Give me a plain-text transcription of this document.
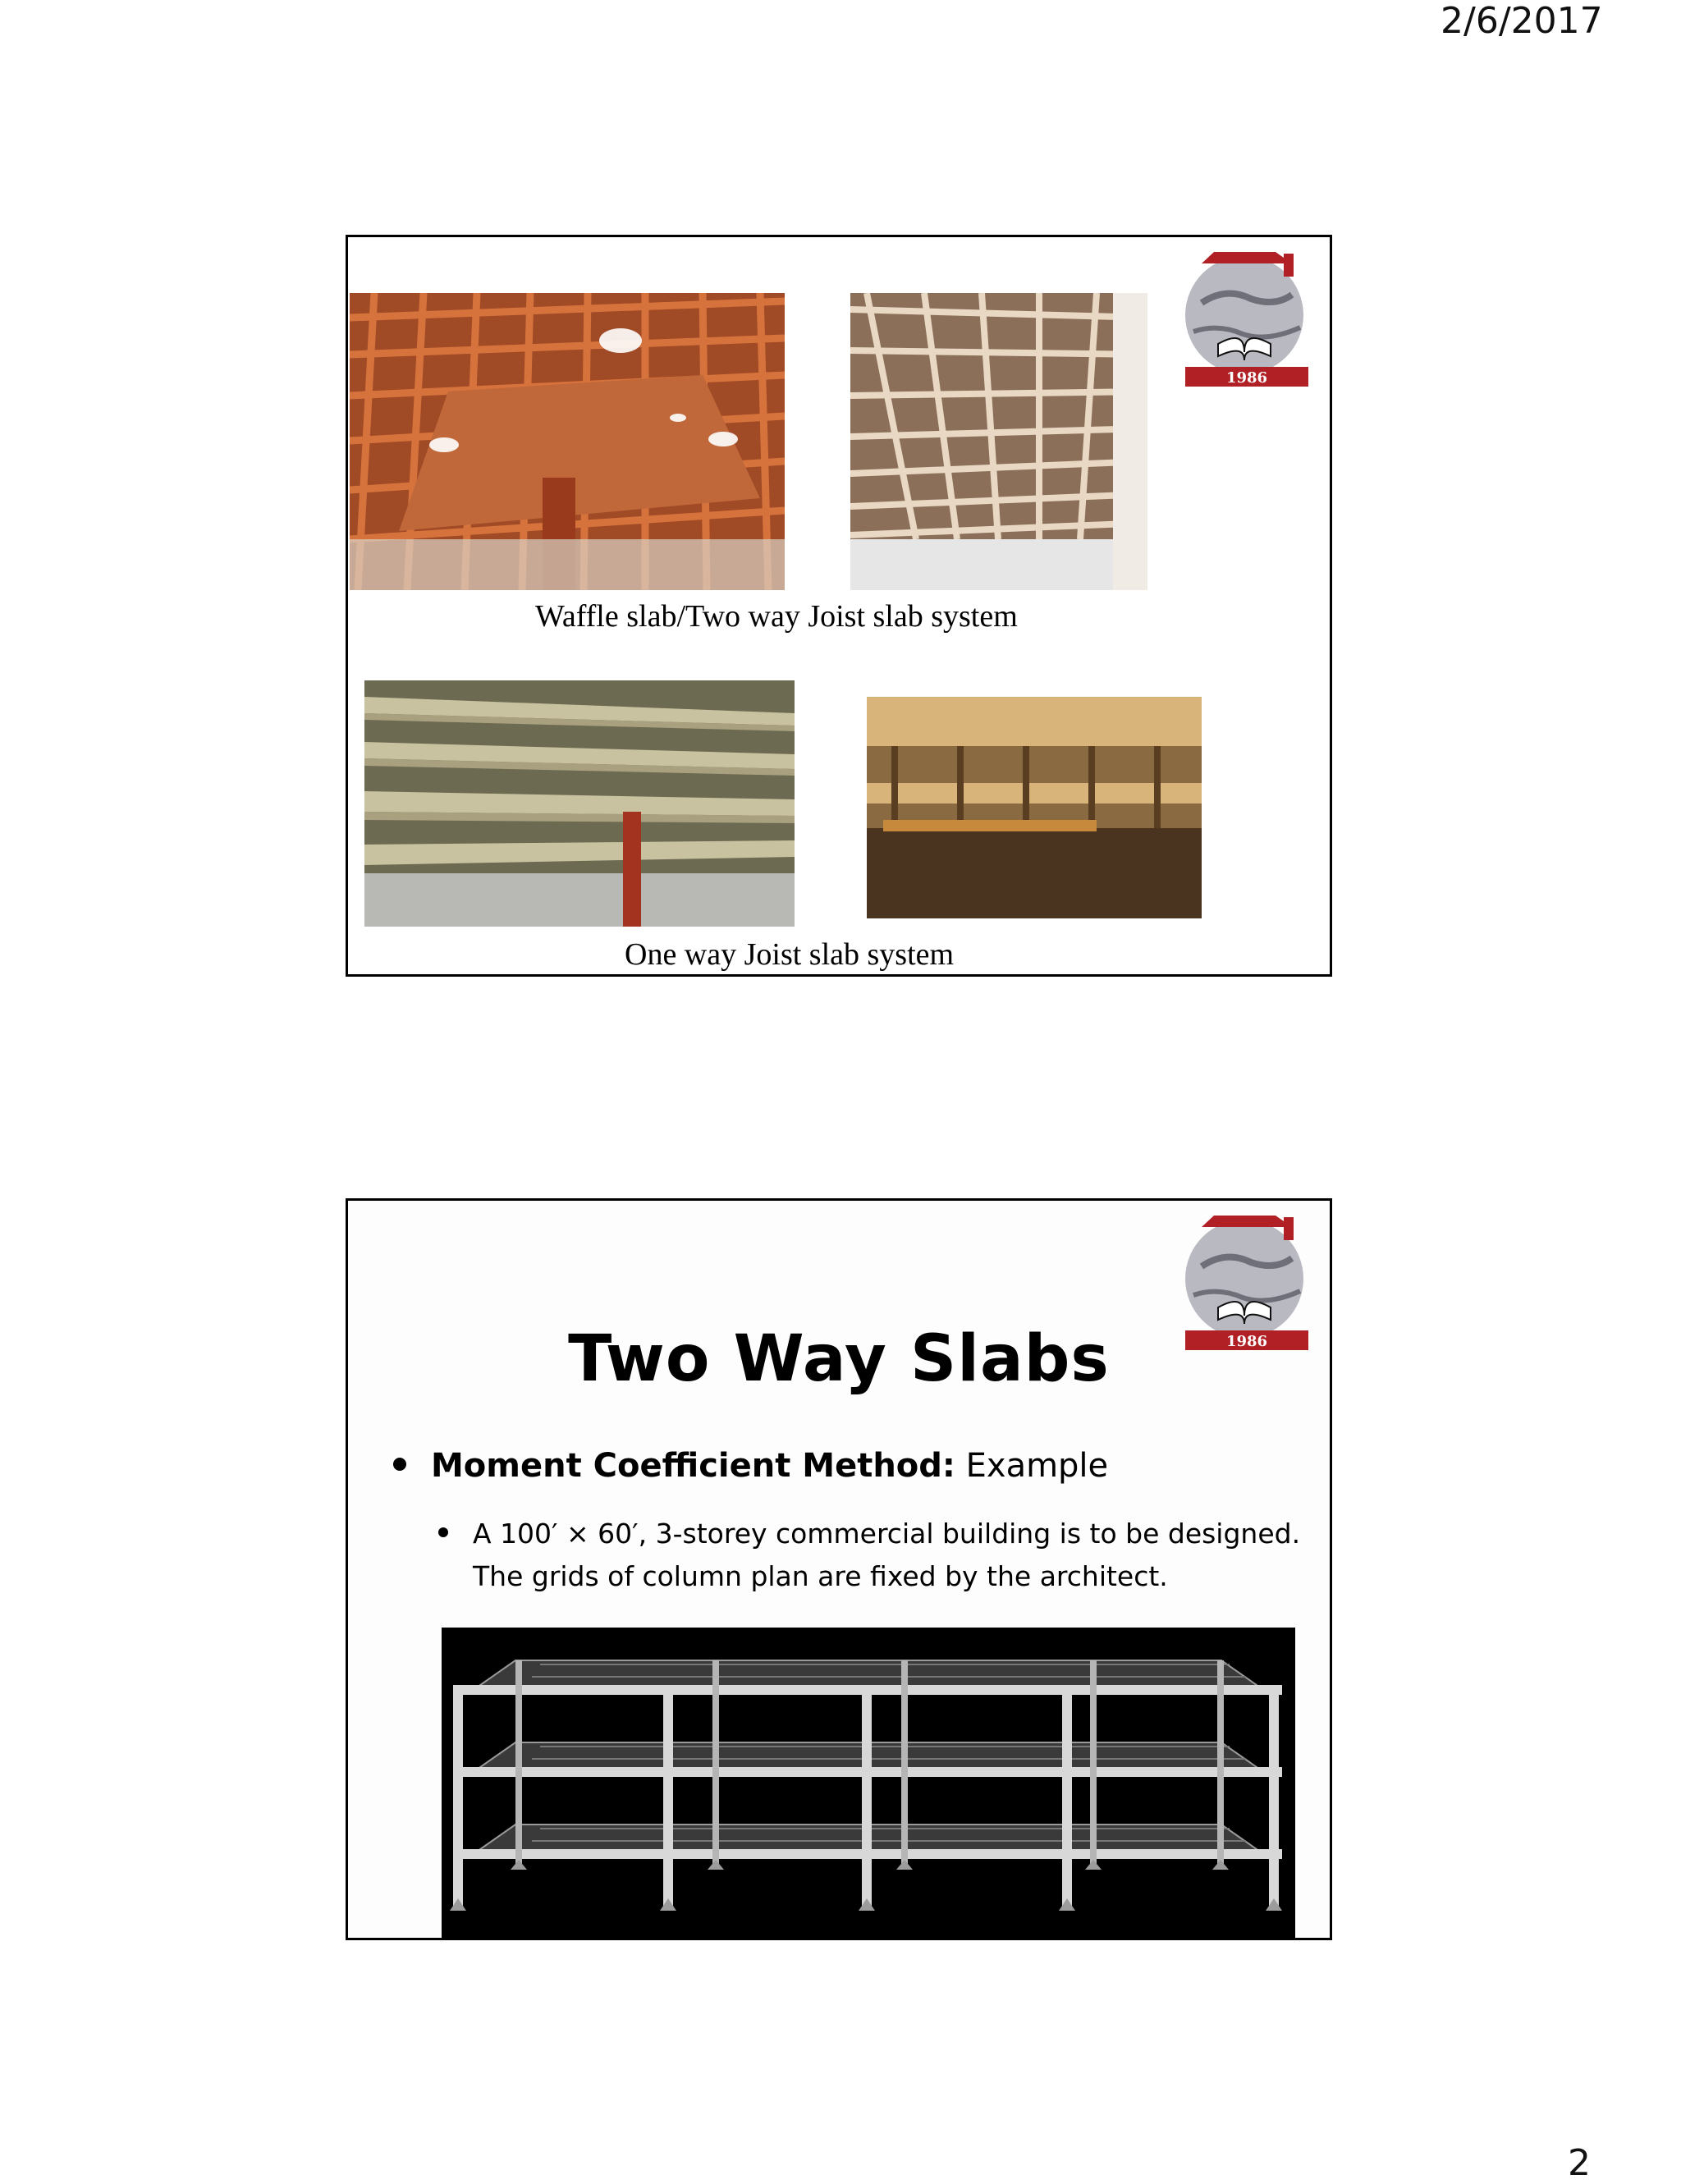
2/6/2017
1986
Waffle slab/Two way Joist slab system
One way Joist slab system
1986
Two Way Slabs
Moment Coefficient Method: Example
A 100′ × 60′, 3-storey commercial building is to be designed.
The grids of column plan are fixed by the architect.
2
